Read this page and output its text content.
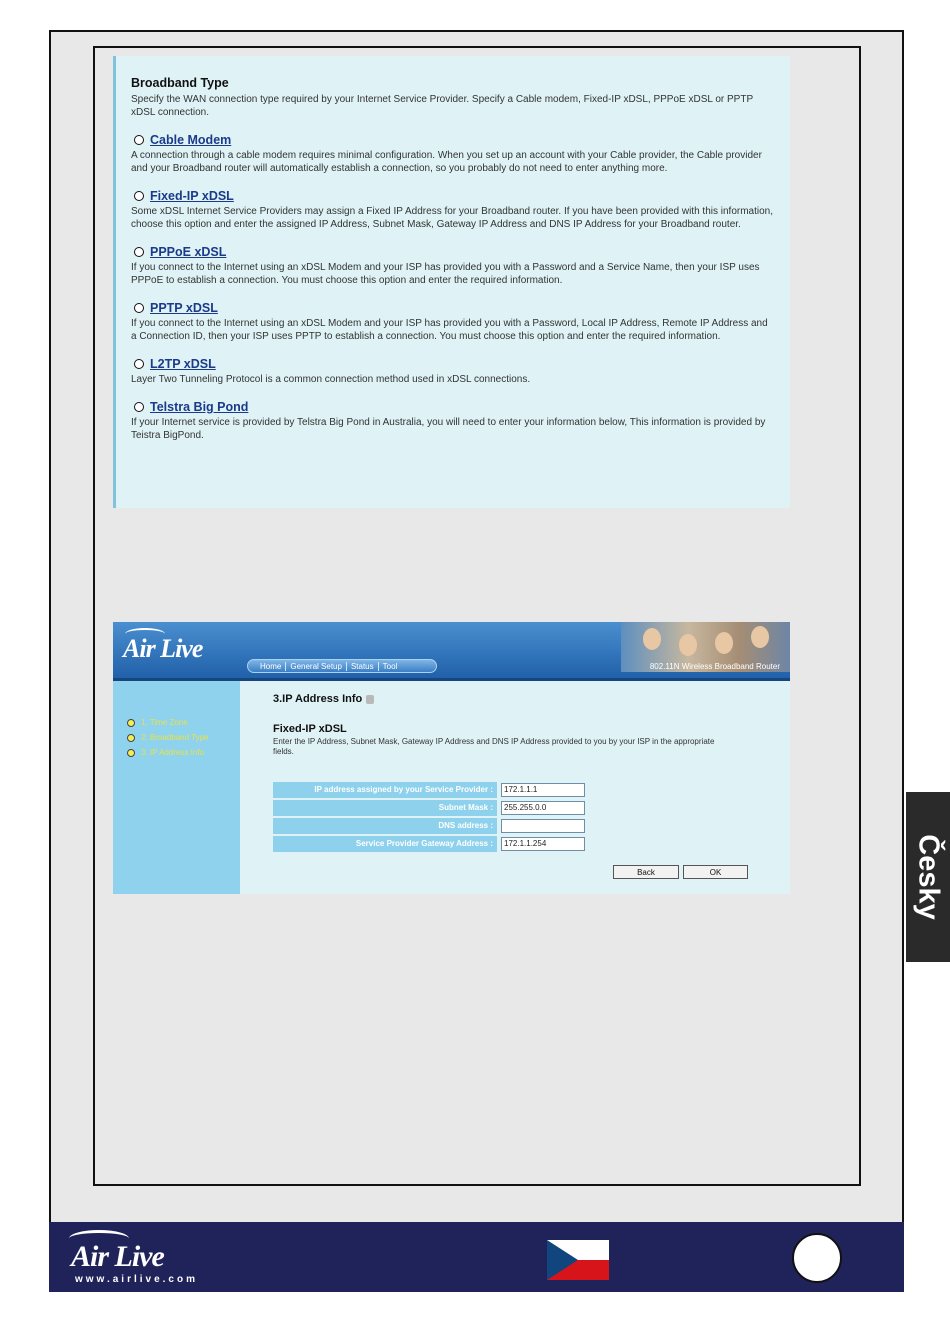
Broadband Type

Specify the WAN connection type required by your Internet Service Provider. Specify a Cable modem, Fixed-IP xDSL, PPPoE xDSL or PPTP xDSL connection.

Cable Modem

A connection through a cable modem requires minimal configuration. When you set up an account with your Cable provider, the Cable provider and your Broadband router will automatically establish a connection, so you probably do not need to enter anything more.

Fixed-IP xDSL

Some xDSL Internet Service Providers may assign a Fixed IP Address for your Broadband router. If you have been provided with this information, choose this option and enter the assigned IP Address, Subnet Mask, Gateway IP Address and DNS IP Address for your Broadband router.

PPPoE xDSL

If you connect to the Internet using an xDSL Modem and your ISP has provided you with a Password and a Service Name, then your ISP uses PPPoE to establish a connection. You must choose this option and enter the required information.

PPTP xDSL

If you connect to the Internet using an xDSL Modem and your ISP has provided you with a Password, Local IP Address, Remote IP Address and a Connection ID, then your ISP uses PPTP to establish a connection. You must choose this option and enter the required information.

L2TP xDSL

Layer Two Tunneling Protocol is a common connection method used in xDSL connections.

Telstra Big Pond

If your Internet service is provided by Telstra Big Pond in Australia, you will need to enter your information below, This information is provided by Teistra BigPond.

Air Live
Home	General Setup	Status	Tool	802.11N Wireless Broadband Router
1. Time Zone
2. Broadband Type
3. IP Address Info
3.IP Address Info
Fixed-IP xDSL
Enter the IP Address, Subnet Mask, Gateway IP Address and DNS IP Address provided to you by your ISP in the appropriate fields.
IP address assigned by your Service Provider :	172.1.1.1
Subnet Mask :	255.255.0.0
DNS address :
Service Provider Gateway Address :	172.1.1.254
Back	OK	Česky
Air Live
www.airlive.com
